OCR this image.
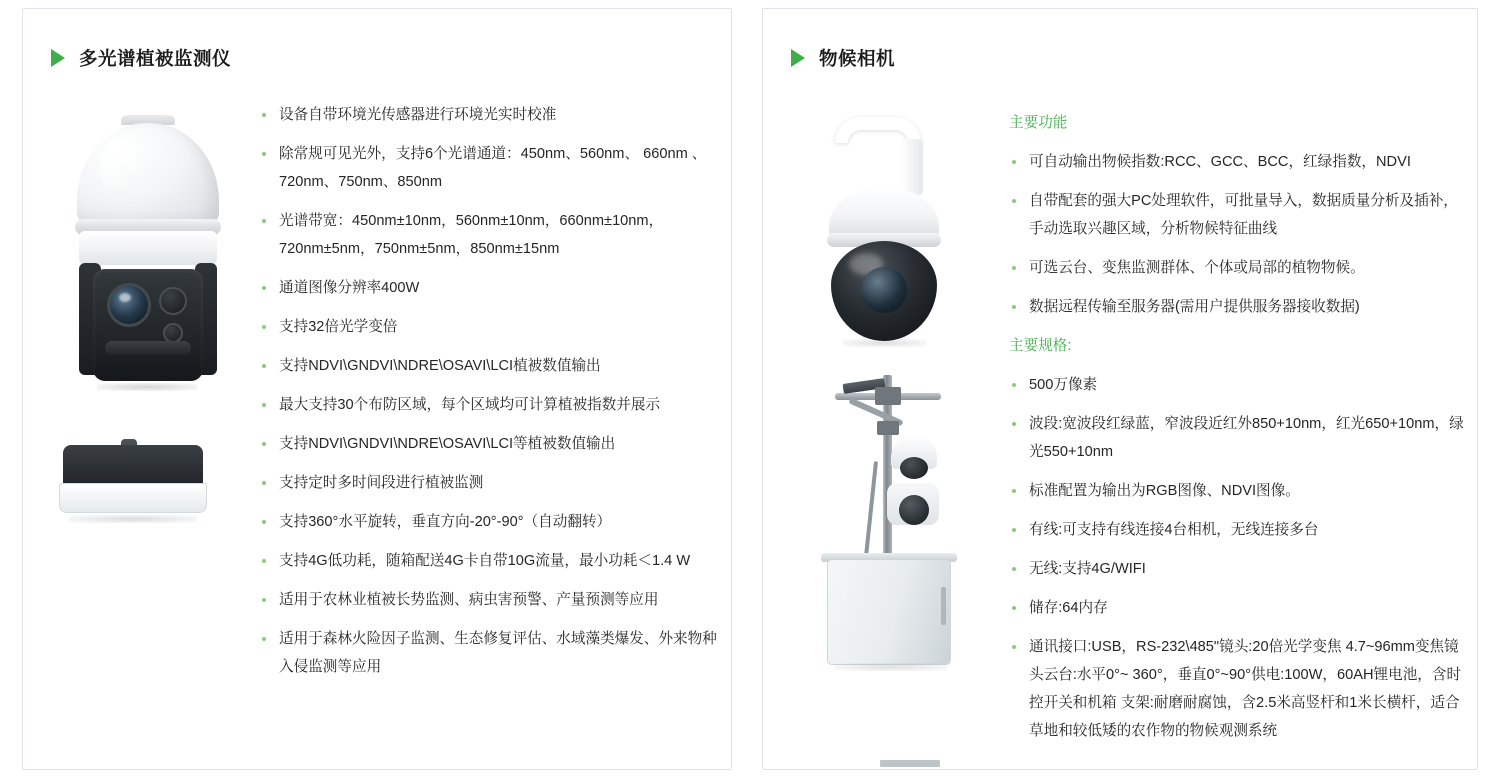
多光谱植被监测仪
设备自带环境光传感器进行环境光实时校准
除常规可见光外，支持6个光谱通道：450nm、560nm、 660nm 、720nm、750nm、850nm
光谱带宽：450nm±10nm，560nm±10nm，660nm±10nm，720nm±5nm，750nm±5nm，850nm±15nm
通道图像分辨率400W
支持32倍光学变倍
支持NDVI\GNDVI\NDRE\OSAVI\LCI植被数值输出
最大支持30个布防区域，每个区域均可计算植被指数并展示
支持NDVI\GNDVI\NDRE\OSAVI\LCI等植被数值输出
支持定时多时间段进行植被监测
支持360°水平旋转，垂直方向-20°-90°（自动翻转）
支持4G低功耗，随箱配送4G卡自带10G流量，最小功耗＜1.4 W
适用于农林业植被长势监测、病虫害预警、产量预测等应用
适用于森林火险因子监测、生态修复评估、水域藻类爆发、外来物种入侵监测等应用
物候相机
主要功能
可自动输出物候指数:RCC、GCC、BCC，红绿指数，NDVI
自带配套的强大PC处理软件，可批量导入，数据质量分析及插补，手动选取兴趣区域，分析物候特征曲线
可选云台、变焦监测群体、个体或局部的植物物候。
数据远程传输至服务器(需用户提供服务器接收数据)
主要规格:
500万像素
波段:宽波段红绿蓝，窄波段近红外850+10nm，红光650+10nm，绿光550+10nm
标准配置为输出为RGB图像、NDVI图像。
有线:可支持有线连接4台相机，无线连接多台
无线:支持4G/WIFI
储存:64内存
通讯接口:USB，RS-232\485"镜头:20倍光学变焦 4.7~96mm变焦镜头云台:水平0°~ 360°，垂直0°~90°供电:100W，60AH锂电池，含时控开关和机箱 支架:耐磨耐腐蚀，含2.5米高竖杆和1米长横杆，适合草地和较低矮的农作物的物候观测系统
